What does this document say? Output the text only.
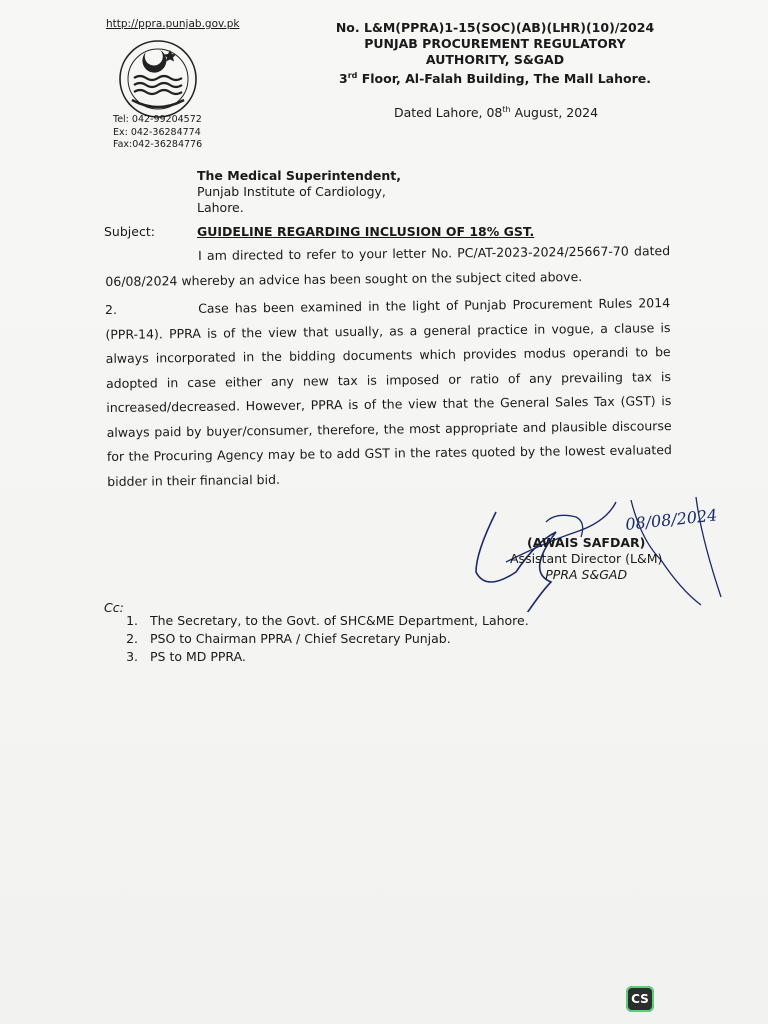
http://ppra.punjab.gov.pk
Tel: 042-99204572
Ex: 042-36284774
Fax:042-36284776
No. L&M(PPRA)1-15(SOC)(AB)(LHR)(10)/2024
PUNJAB PROCUREMENT REGULATORY
AUTHORITY, S&GAD
3rd Floor, Al-Falah Building, The Mall Lahore.
Dated Lahore, 08th August, 2024
The Medical Superintendent,
Punjab Institute of Cardiology,
Lahore.
Subject:	GUIDELINE REGARDING INCLUSION OF 18% GST.
I am directed to refer to your letter No. PC/AT-2023-2024/25667-70 dated 06/08/2024 whereby an advice has been sought on the subject cited above.
2.	Case has been examined in the light of Punjab Procurement Rules 2014 (PPR-14). PPRA is of the view that usually, as a general practice in vogue, a clause is always incorporated in the bidding documents which provides modus operandi to be adopted in case either any new tax is imposed or ratio of any prevailing tax is increased/decreased. However, PPRA is of the view that the General Sales Tax (GST) is always paid by buyer/consumer, therefore, the most appropriate and plausible discourse for the Procuring Agency may be to add GST in the rates quoted by the lowest evaluated bidder in their financial bid.
08/08/2024
(AWAIS SAFDAR)
Assistant Director (L&M)
PPRA S&GAD
Cc:
1. The Secretary, to the Govt. of SHC&ME Department, Lahore.
2. PSO to Chairman PPRA / Chief Secretary Punjab.
3. PS to MD PPRA.
CS
